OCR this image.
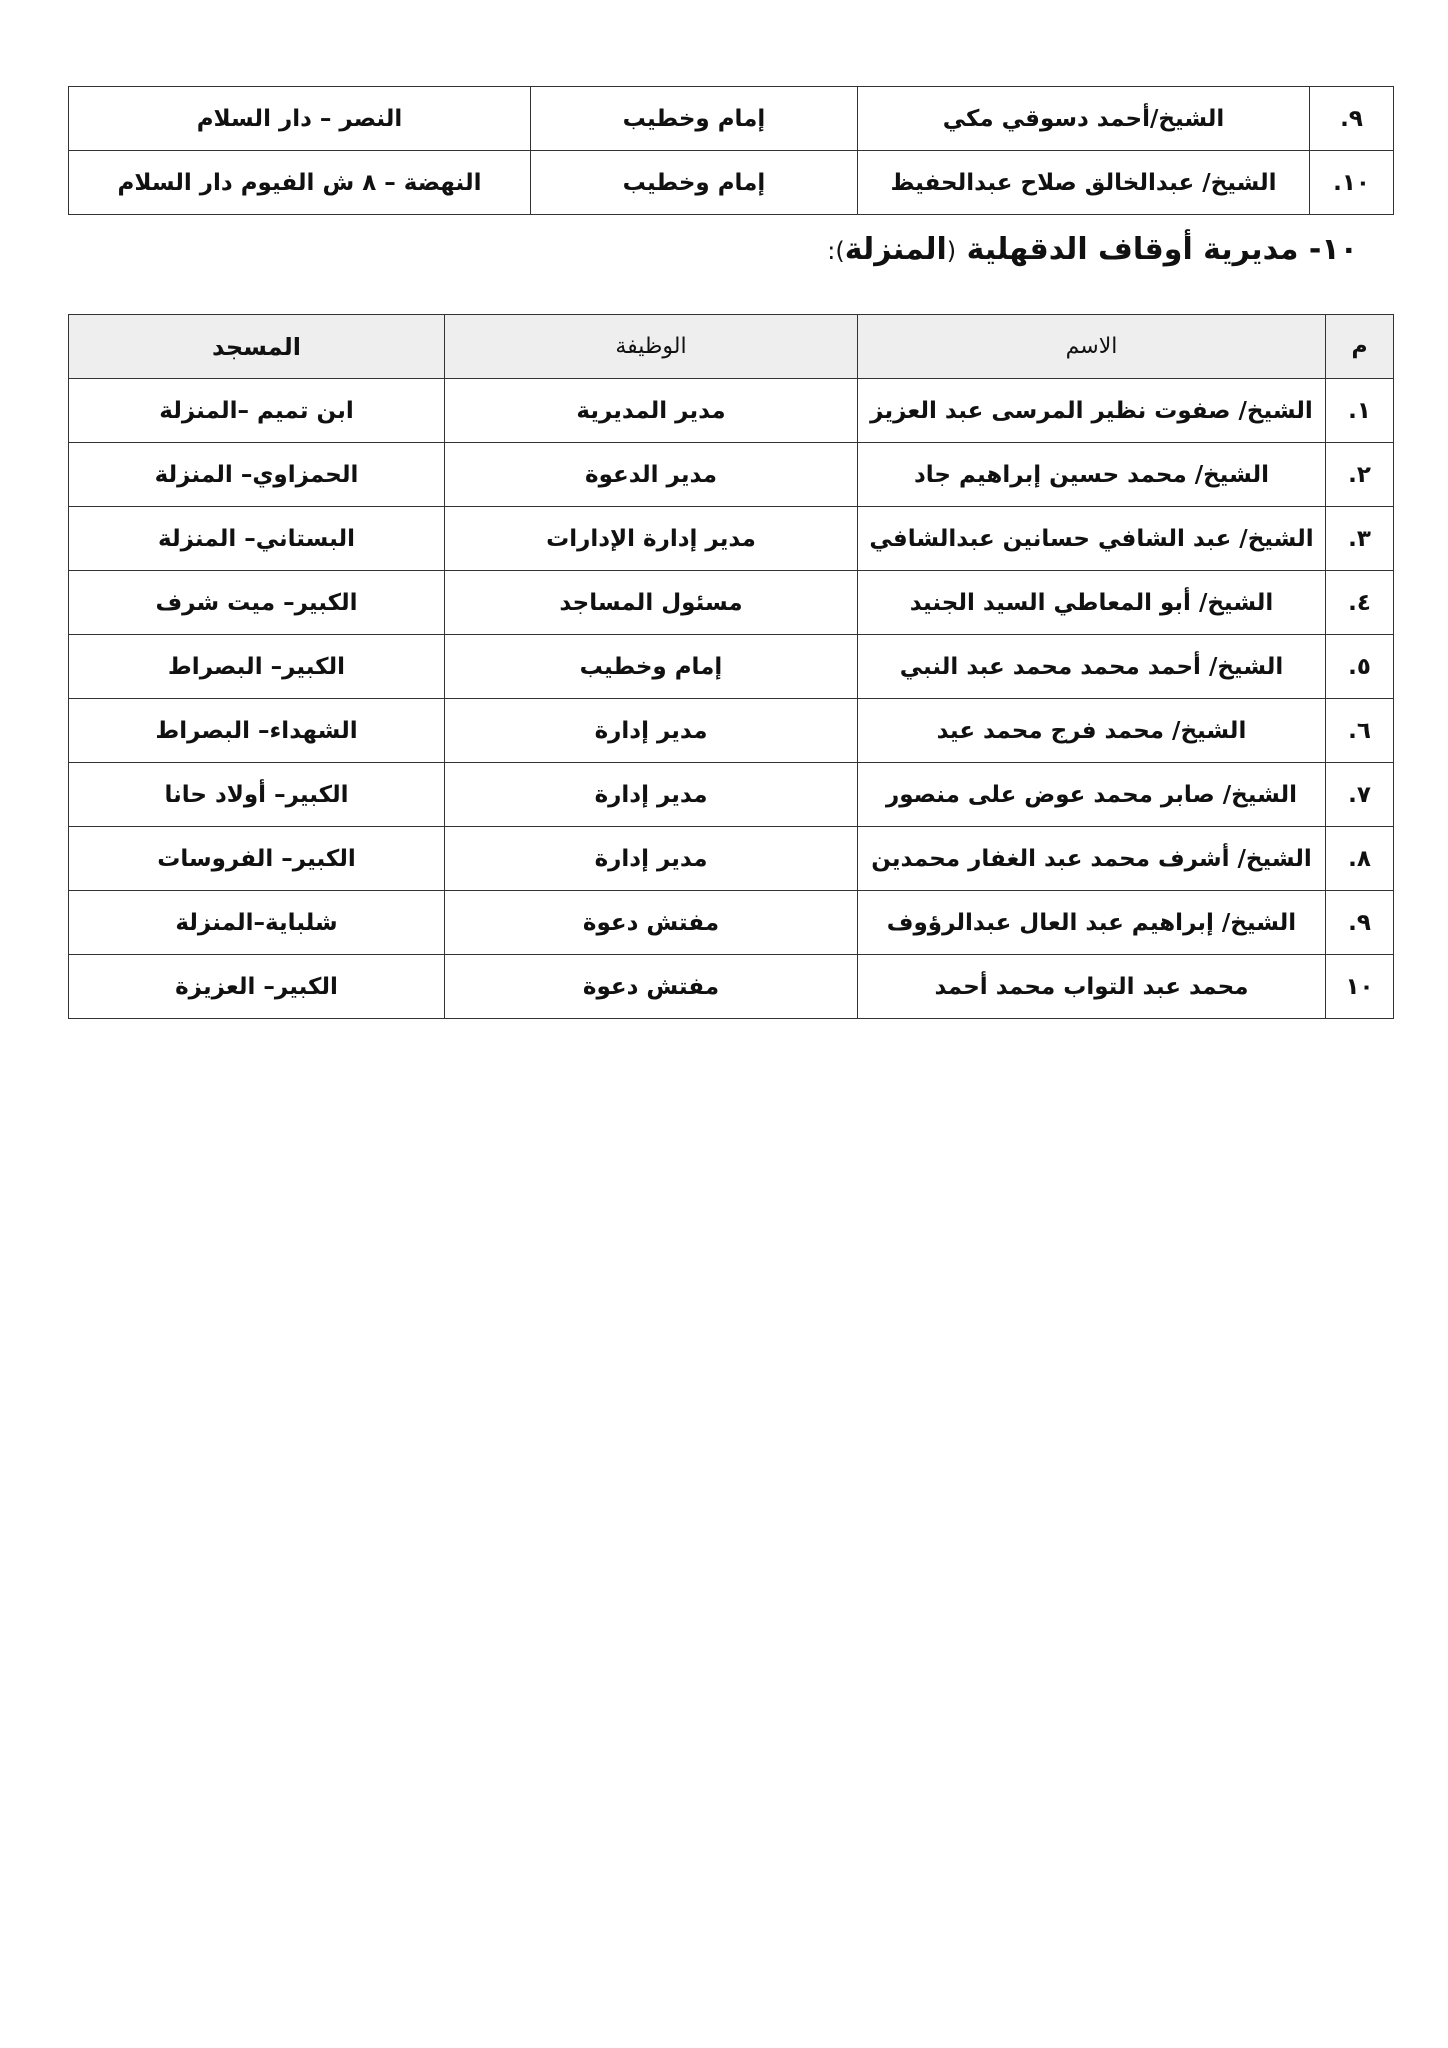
٩.	الشيخ/أحمد دسوقي مكي	إمام وخطيب	النصر – دار السلام
١٠.	الشيخ/ عبدالخالق صلاح عبدالحفيظ	إمام وخطيب	النهضة – ٨ ش الفيوم دار السلام
١٠- مديرية أوقاف الدقهلية (المنزلة):
م	الاسم	الوظيفة	المسجد
١.	الشيخ/ صفوت نظير المرسى عبد العزيز	مدير المديرية	ابن تميم –المنزلة
٢.	الشيخ/ محمد حسين إبراهيم جاد	مدير الدعوة	الحمزاوي– المنزلة
٣.	الشيخ/ عبد الشافي حسانين عبدالشافي	مدير إدارة الإدارات	البستاني– المنزلة
٤.	الشيخ/ أبو المعاطي السيد الجنيد	مسئول المساجد	الكبير– ميت شرف
٥.	الشيخ/ أحمد محمد محمد عبد النبي	إمام وخطيب	الكبير– البصراط
٦.	الشيخ/ محمد فرج محمد عيد	مدير إدارة	الشهداء– البصراط
٧.	الشيخ/ صابر محمد عوض على منصور	مدير إدارة	الكبير– أولاد حانا
٨.	الشيخ/ أشرف محمد عبد الغفار محمدين	مدير إدارة	الكبير– الفروسات
٩.	الشيخ/ إبراهيم عبد العال عبدالرؤوف	مفتش دعوة	شلباية–المنزلة
١٠	محمد عبد التواب محمد أحمد	مفتش دعوة	الكبير– العزيزة
